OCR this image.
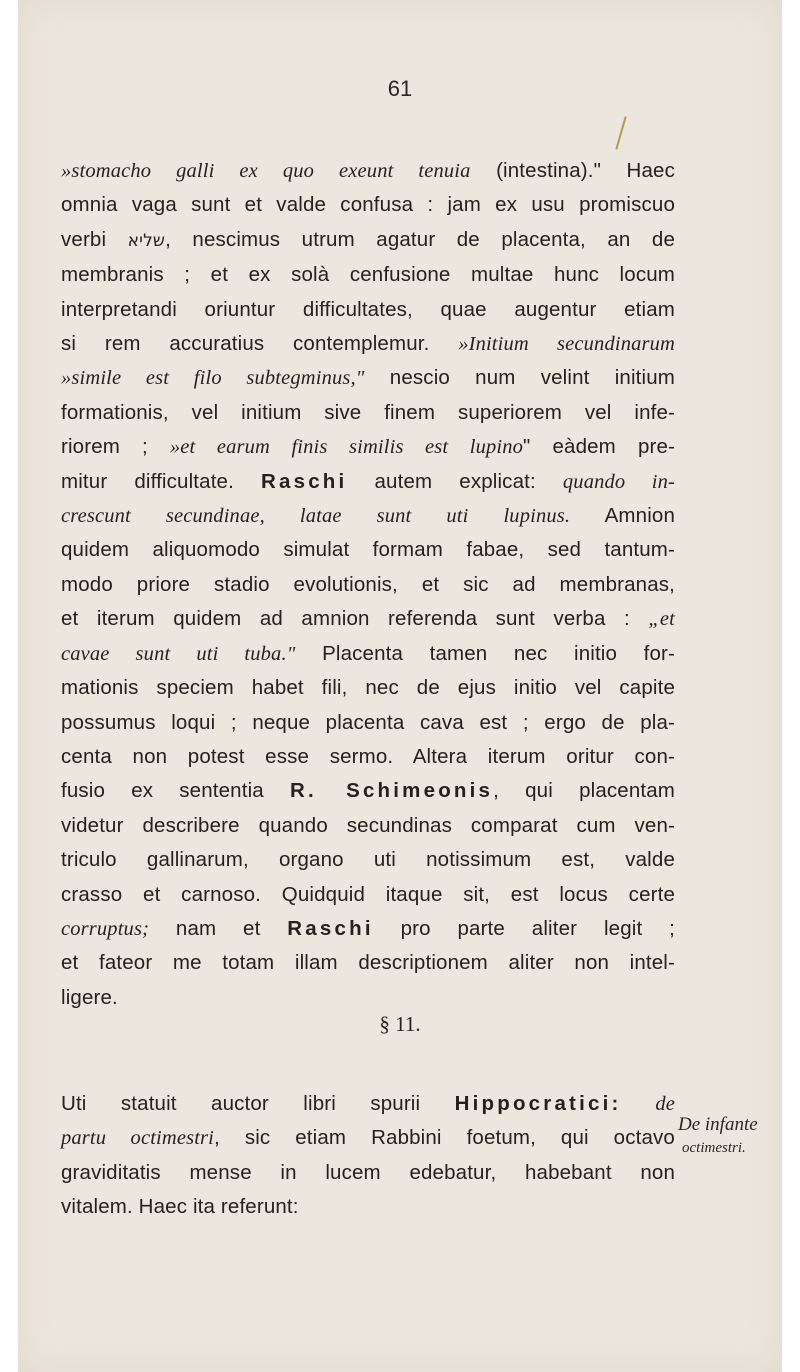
61
»stomacho galli ex quo exeunt tenuia (intestina)." Haec
omnia vaga sunt et valde confusa : jam ex usu promiscuo
verbi שליא, nescimus utrum agatur de placenta, an de
membranis ; et ex solà cenfusione multae hunc locum
interpretandi oriuntur difficultates, quae augentur etiam
si rem accuratius contemplemur. »Initium secundinarum
»simile est filo subtegminus," nescio num velint initium
formationis, vel initium sive finem superiorem vel infe-
riorem ; »et earum finis similis est lupino" eàdem pre-
mitur difficultate. Raschi autem explicat: quando in-
crescunt secundinae, latae sunt uti lupinus. Amnion
quidem aliquomodo simulat formam fabae, sed tantum-
modo priore stadio evolutionis, et sic ad membranas,
et iterum quidem ad amnion referenda sunt verba : „et
cavae sunt uti tuba." Placenta tamen nec initio for-
mationis speciem habet fili, nec de ejus initio vel capite
possumus loqui ; neque placenta cava est ; ergo de pla-
centa non potest esse sermo. Altera iterum oritur con-
fusio ex sententia R. Schimeonis, qui placentam
videtur describere quando secundinas comparat cum ven-
triculo gallinarum, organo uti notissimum est, valde
crasso et carnoso. Quidquid itaque sit, est locus certe
corruptus; nam et Raschi pro parte aliter legit ;
et fateor me totam illam descriptionem aliter non intel-
ligere.
§ 11.
Uti statuit auctor libri spurii Hippocratici: de
partu octimestri, sic etiam Rabbini foetum, qui octavo
graviditatis mense in lucem edebatur, habebant non
vitalem. Haec ita referunt:
De infante
octimestri.
